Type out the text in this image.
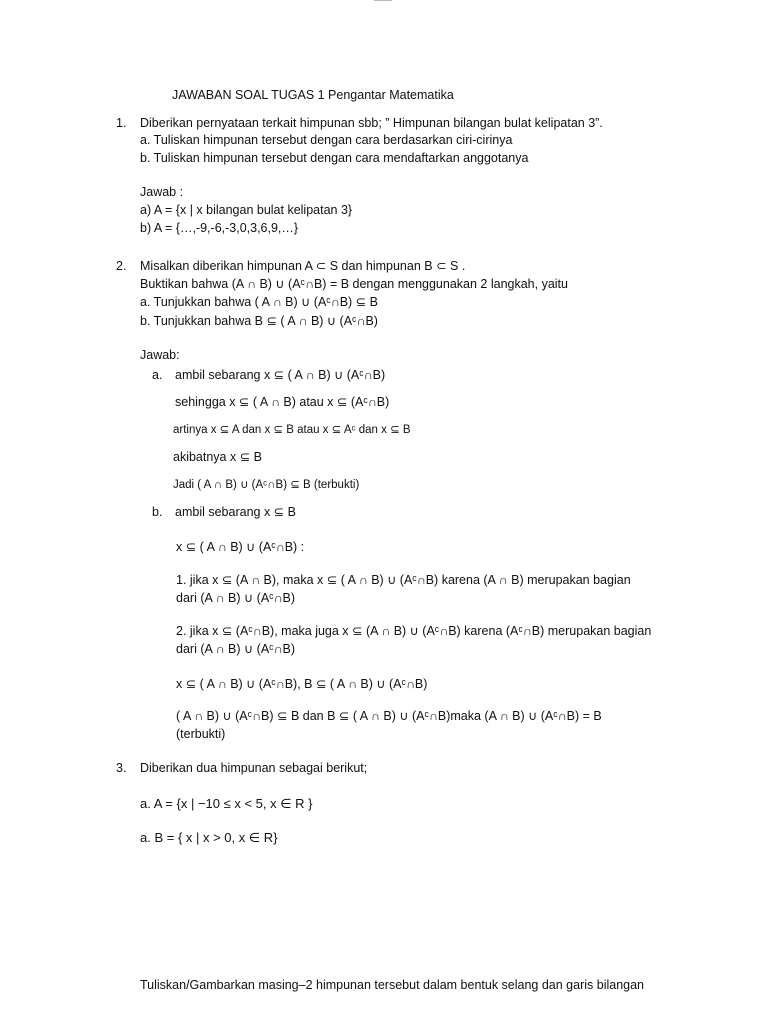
JAWABAN SOAL TUGAS 1 Pengantar Matematika
1. Diberikan pernyataan terkait himpunan sbb; ” Himpunan bilangan bulat kelipatan 3”.
a. Tuliskan himpunan tersebut dengan cara berdasarkan ciri-cirinya
b. Tuliskan himpunan tersebut dengan cara mendaftarkan anggotanya
Jawab :
a) A = {x | x bilangan bulat kelipatan 3}
b) A = {…,-9,-6,-3,0,3,6,9,…}
2. Misalkan diberikan himpunan A ⊂ S dan himpunan B ⊂ S .
Buktikan bahwa (A ∩ B) ∪ (Aᶜ∩B) = B dengan menggunakan 2 langkah, yaitu
a. Tunjukkan bahwa ( A ∩ B) ∪ (Aᶜ∩B) ⊆ B
b. Tunjukkan bahwa B ⊆ ( A ∩ B) ∪ (Aᶜ∩B)
Jawab:
a. ambil sebarang x ⊆ ( A ∩ B) ∪ (Aᶜ∩B)
sehingga x ⊆ ( A ∩ B) atau x ⊆ (Aᶜ∩B)
artinya x ⊆ A dan x ⊆ B atau x ⊆ Aᶜ dan x ⊆ B
akibatnya x ⊆ B
Jadi ( A ∩ B) ∪ (Aᶜ∩B) ⊆ B (terbukti)
b. ambil sebarang x ⊆ B
x ⊆ ( A ∩ B) ∪ (Aᶜ∩B) :
1. jika x ⊆ (A ∩ B), maka x ⊆ ( A ∩ B) ∪ (Aᶜ∩B) karena (A ∩ B) merupakan bagian
dari (A ∩ B) ∪ (Aᶜ∩B)
2. jika x ⊆ (Aᶜ∩B), maka juga x ⊆ (A ∩ B) ∪ (Aᶜ∩B) karena (Aᶜ∩B) merupakan bagian
dari (A ∩ B) ∪ (Aᶜ∩B)
x ⊆ ( A ∩ B) ∪ (Aᶜ∩B), B ⊆ ( A ∩ B) ∪ (Aᶜ∩B)
( A ∩ B) ∪ (Aᶜ∩B) ⊆ B dan B ⊆ ( A ∩ B) ∪ (Aᶜ∩B)maka (A ∩ B) ∪ (Aᶜ∩B) = B
(terbukti)
3. Diberikan dua himpunan sebagai berikut;
a. A = {x | −10 ≤ x < 5, x ∈ R }
a. B = { x | x > 0, x ∈ R}
Tuliskan/Gambarkan masing–2 himpunan tersebut dalam bentuk selang dan garis bilangan
